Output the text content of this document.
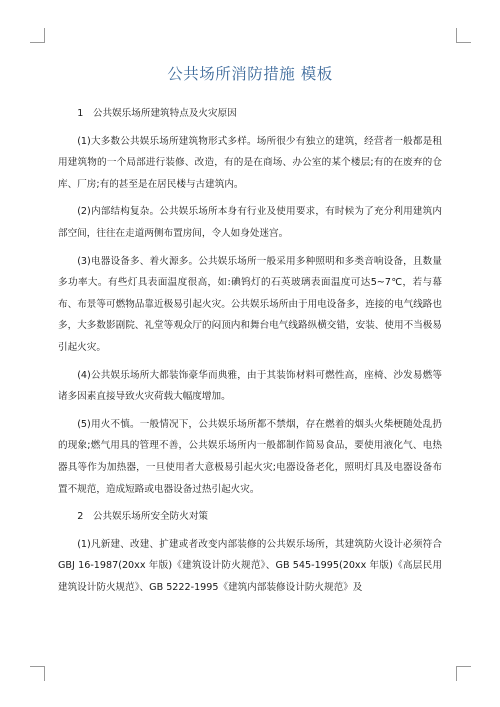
公共场所消防措施 模板

1　公共娱乐场所建筑特点及火灾原因

(1)大多数公共娱乐场所建筑物形式多样。场所很少有独立的建筑，经营者一般都是租用建筑物的一个局部进行装修、改造，有的是在商场、办公室的某个楼层;有的在废弃的仓库、厂房;有的甚至是在居民楼与古建筑内。

(2)内部结构复杂。公共娱乐场所本身有行业及使用要求，有时候为了充分利用建筑内部空间，往往在走道两侧布置房间，令人如身处迷宫。

(3)电器设备多、着火源多。公共娱乐场所一般采用多种照明和多类音响设备，且数量多功率大。有些灯具表面温度很高，如:碘钨灯的石英玻璃表面温度可达5~7℃，若与幕布、布景等可燃物品靠近极易引起火灾。公共娱乐场所由于用电设备多，连接的电气线路也多，大多数影剧院、礼堂等观众厅的闷顶内和舞台电气线路纵横交错，安装、使用不当极易引起火灾。

(4)公共娱乐场所大都装饰豪华而典雅，由于其装饰材料可燃性高，座椅、沙发易燃等诸多因素直接导致火灾荷载大幅度增加。

(5)用火不慎。一般情况下，公共娱乐场所都不禁烟，存在燃着的烟头火柴梗随处乱扔的现象;燃气用具的管理不善，公共娱乐场所内一般都制作简易食品，要使用液化气、电热器具等作为加热器，一旦使用者大意极易引起火灾;电器设备老化，照明灯具及电器设备布置不规范，造成短路或电器设备过热引起火灾。

2　公共娱乐场所安全防火对策

(1)凡新建、改建、扩建或者改变内部装修的公共娱乐场所，其建筑防火设计必须符合 GBJ 16-1987(20xx 年版)《建筑设计防火规范》、GB 545-1995(20xx 年版)《高层民用建筑设计防火规范》、GB 5222-1995《建筑内部装修设计防火规范》及
